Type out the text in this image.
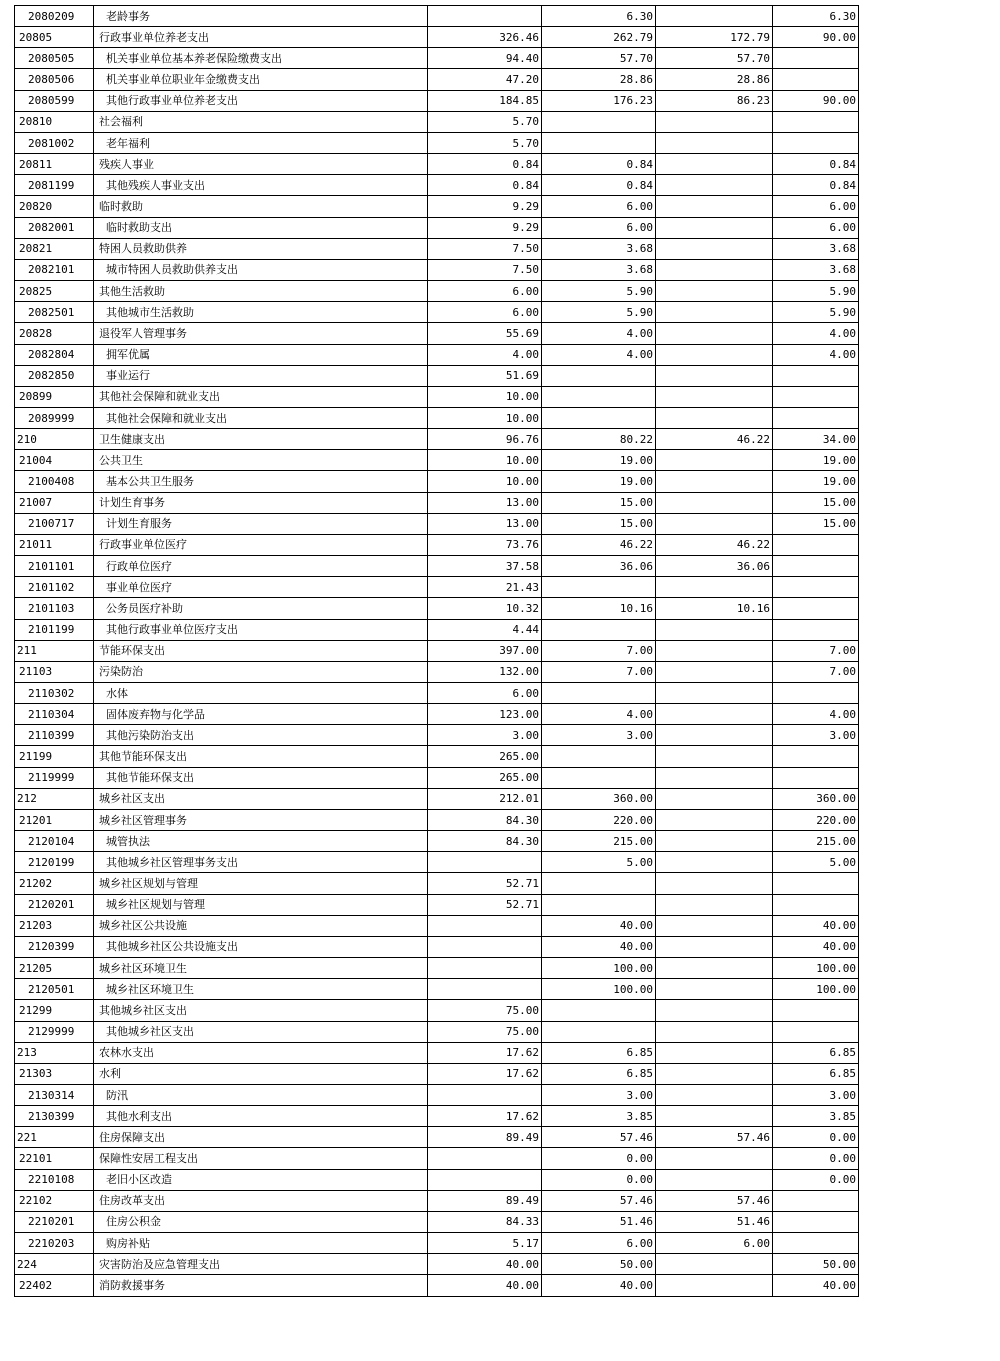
2080209	老龄事务		6.30		6.30
20805	行政事业单位养老支出	326.46	262.79	172.79	90.00
2080505	机关事业单位基本养老保险缴费支出	94.40	57.70	57.70	
2080506	机关事业单位职业年金缴费支出	47.20	28.86	28.86	
2080599	其他行政事业单位养老支出	184.85	176.23	86.23	90.00
20810	社会福利	5.70			
2081002	老年福利	5.70			
20811	残疾人事业	0.84	0.84		0.84
2081199	其他残疾人事业支出	0.84	0.84		0.84
20820	临时救助	9.29	6.00		6.00
2082001	临时救助支出	9.29	6.00		6.00
20821	特困人员救助供养	7.50	3.68		3.68
2082101	城市特困人员救助供养支出	7.50	3.68		3.68
20825	其他生活救助	6.00	5.90		5.90
2082501	其他城市生活救助	6.00	5.90		5.90
20828	退役军人管理事务	55.69	4.00		4.00
2082804	拥军优属	4.00	4.00		4.00
2082850	事业运行	51.69			
20899	其他社会保障和就业支出	10.00			
2089999	其他社会保障和就业支出	10.00			
210	卫生健康支出	96.76	80.22	46.22	34.00
21004	公共卫生	10.00	19.00		19.00
2100408	基本公共卫生服务	10.00	19.00		19.00
21007	计划生育事务	13.00	15.00		15.00
2100717	计划生育服务	13.00	15.00		15.00
21011	行政事业单位医疗	73.76	46.22	46.22	
2101101	行政单位医疗	37.58	36.06	36.06	
2101102	事业单位医疗	21.43			
2101103	公务员医疗补助	10.32	10.16	10.16	
2101199	其他行政事业单位医疗支出	4.44			
211	节能环保支出	397.00	7.00		7.00
21103	污染防治	132.00	7.00		7.00
2110302	水体	6.00			
2110304	固体废弃物与化学品	123.00	4.00		4.00
2110399	其他污染防治支出	3.00	3.00		3.00
21199	其他节能环保支出	265.00			
2119999	其他节能环保支出	265.00			
212	城乡社区支出	212.01	360.00		360.00
21201	城乡社区管理事务	84.30	220.00		220.00
2120104	城管执法	84.30	215.00		215.00
2120199	其他城乡社区管理事务支出		5.00		5.00
21202	城乡社区规划与管理	52.71			
2120201	城乡社区规划与管理	52.71			
21203	城乡社区公共设施		40.00		40.00
2120399	其他城乡社区公共设施支出		40.00		40.00
21205	城乡社区环境卫生		100.00		100.00
2120501	城乡社区环境卫生		100.00		100.00
21299	其他城乡社区支出	75.00			
2129999	其他城乡社区支出	75.00			
213	农林水支出	17.62	6.85		6.85
21303	水利	17.62	6.85		6.85
2130314	防汛		3.00		3.00
2130399	其他水利支出	17.62	3.85		3.85
221	住房保障支出	89.49	57.46	57.46	0.00
22101	保障性安居工程支出		0.00		0.00
2210108	老旧小区改造		0.00		0.00
22102	住房改革支出	89.49	57.46	57.46	
2210201	住房公积金	84.33	51.46	51.46	
2210203	购房补贴	5.17	6.00	6.00	
224	灾害防治及应急管理支出	40.00	50.00		50.00
22402	消防救援事务	40.00	40.00		40.00
